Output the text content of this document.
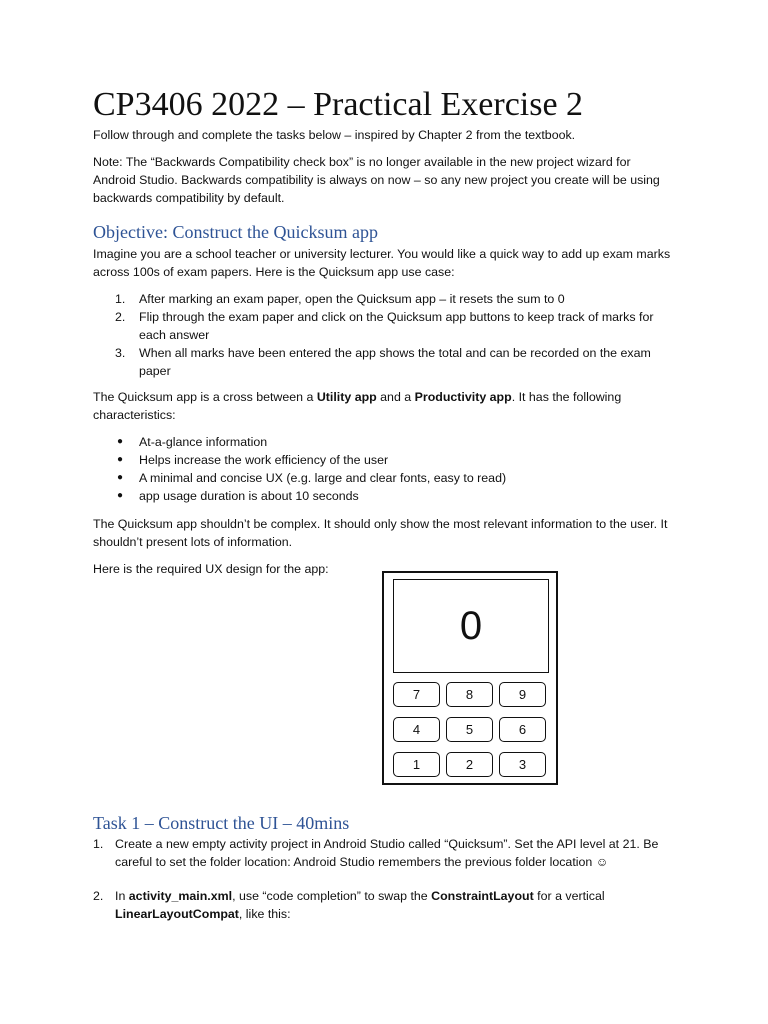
CP3406 2022 – Practical Exercise 2

Follow through and complete the tasks below – inspired by Chapter 2 from the textbook.

Note: The “Backwards Compatibility check box” is no longer available in the new project wizard for Android Studio. Backwards compatibility is always on now – so any new project you create will be using backwards compatibility by default.

Objective: Construct the Quicksum app

Imagine you are a school teacher or university lecturer. You would like a quick way to add up exam marks across 100s of exam papers. Here is the Quicksum app use case:

1. After marking an exam paper, open the Quicksum app – it resets the sum to 0
2. Flip through the exam paper and click on the Quicksum app buttons to keep track of marks for each answer
3. When all marks have been entered the app shows the total and can be recorded on the exam paper

The Quicksum app is a cross between a Utility app and a Productivity app. It has the following characteristics:

● At-a-glance information
● Helps increase the work efficiency of the user
● A minimal and concise UX (e.g. large and clear fonts, easy to read)
● app usage duration is about 10 seconds

The Quicksum app shouldn’t be complex. It should only show the most relevant information to the user. It shouldn’t present lots of information.

Here is the required UX design for the app:

0
7	8	9
4	5	6
1	2	3
Task 1 – Construct the UI – 40mins
1. Create a new empty activity project in Android Studio called “Quicksum”. Set the API level at 21. Be careful to set the folder location: Android Studio remembers the previous folder location ☺
2. In activity_main.xml, use “code completion” to swap the ConstraintLayout for a vertical LinearLayoutCompat, like this:
